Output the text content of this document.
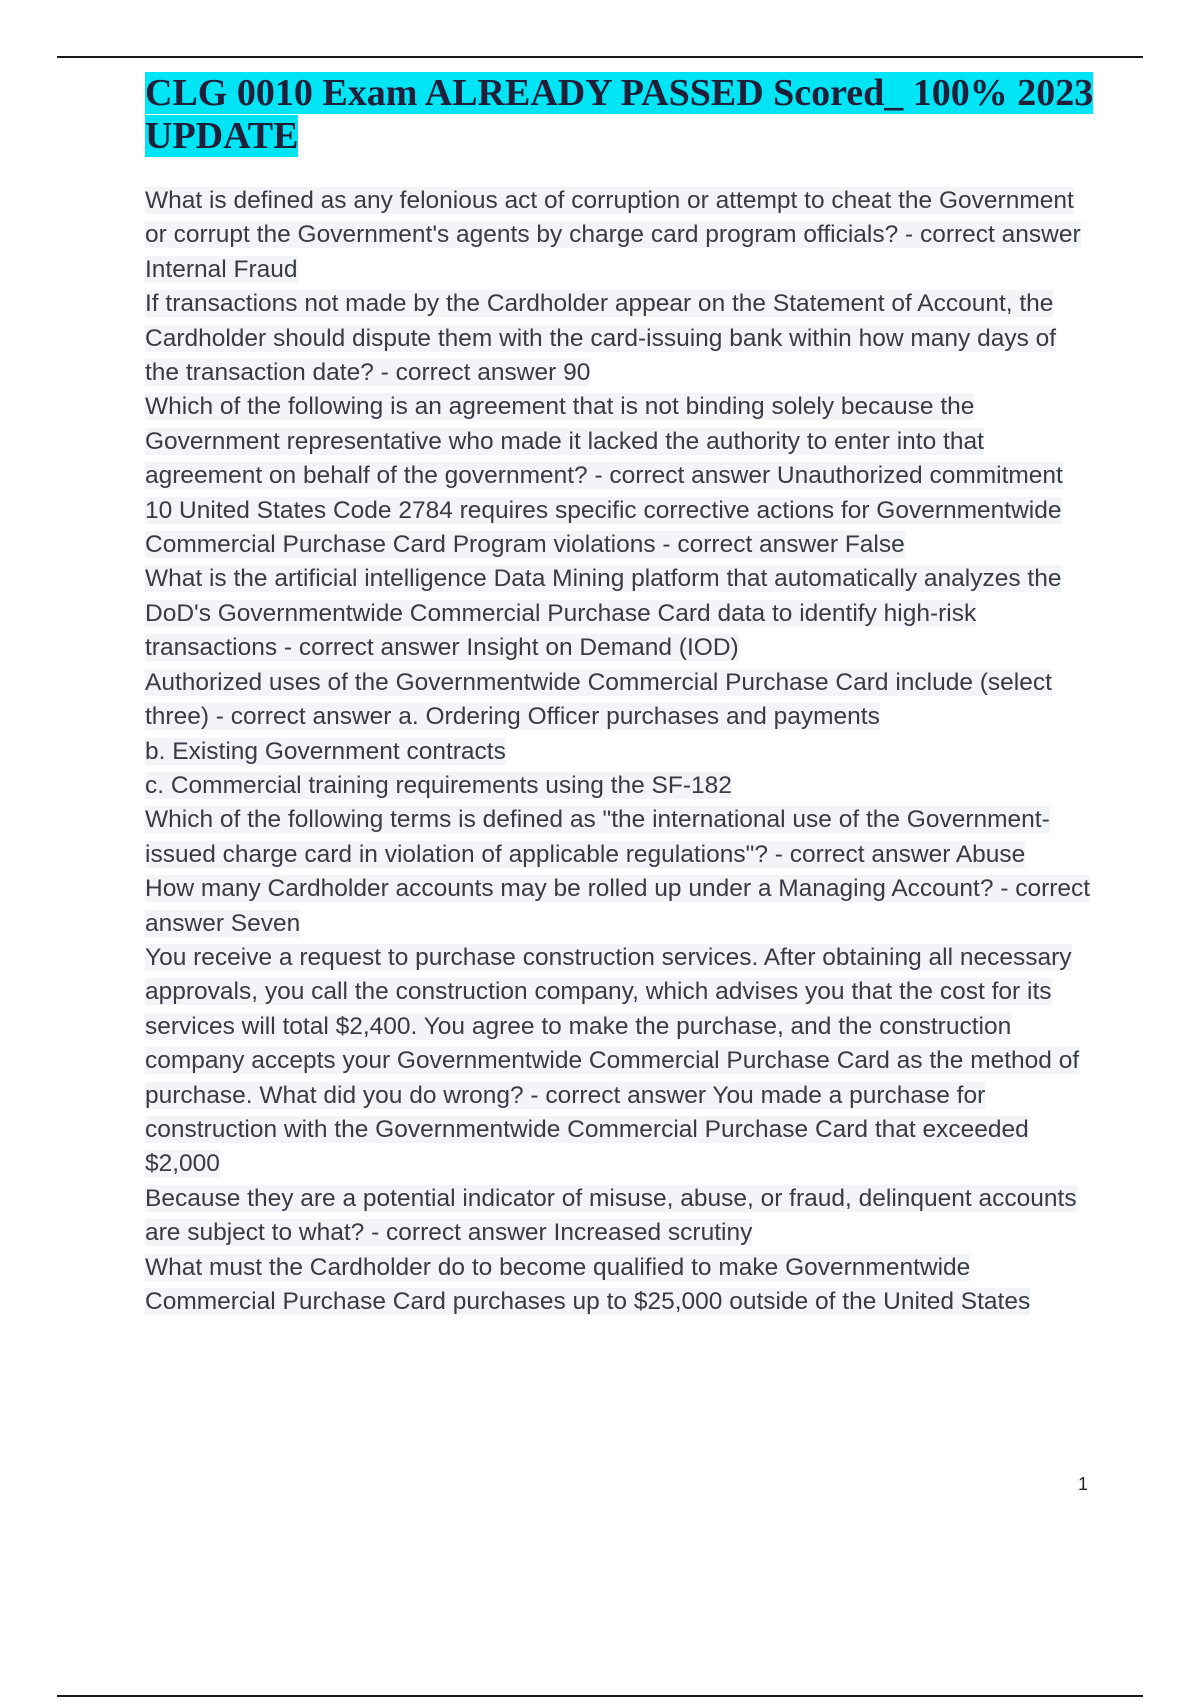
CLG 0010 Exam ALREADY PASSED Scored_ 100% 2023 UPDATE

What is defined as any felonious act of corruption or attempt to cheat the Government or corrupt the Government's agents by charge card program officials? - correct answer Internal Fraud

If transactions not made by the Cardholder appear on the Statement of Account, the Cardholder should dispute them with the card-issuing bank within how many days of the transaction date? - correct answer 90

Which of the following is an agreement that is not binding solely because the Government representative who made it lacked the authority to enter into that agreement on behalf of the government? - correct answer Unauthorized commitment

10 United States Code 2784 requires specific corrective actions for Governmentwide Commercial Purchase Card Program violations - correct answer False

What is the artificial intelligence Data Mining platform that automatically analyzes the DoD's Governmentwide Commercial Purchase Card data to identify high-risk transactions - correct answer Insight on Demand (IOD)

Authorized uses of the Governmentwide Commercial Purchase Card include (select three) - correct answer a. Ordering Officer purchases and payments

b. Existing Government contracts

c. Commercial training requirements using the SF-182

Which of the following terms is defined as "the international use of the Government-issued charge card in violation of applicable regulations"? - correct answer Abuse

How many Cardholder accounts may be rolled up under a Managing Account? - correct answer Seven

You receive a request to purchase construction services. After obtaining all necessary approvals, you call the construction company, which advises you that the cost for its services will total $2,400. You agree to make the purchase, and the construction company accepts your Governmentwide Commercial Purchase Card as the method of purchase. What did you do wrong? - correct answer You made a purchase for construction with the Governmentwide Commercial Purchase Card that exceeded $2,000

Because they are a potential indicator of misuse, abuse, or fraud, delinquent accounts are subject to what? - correct answer Increased scrutiny

What must the Cardholder do to become qualified to make Governmentwide Commercial Purchase Card purchases up to $25,000 outside of the United States

1
